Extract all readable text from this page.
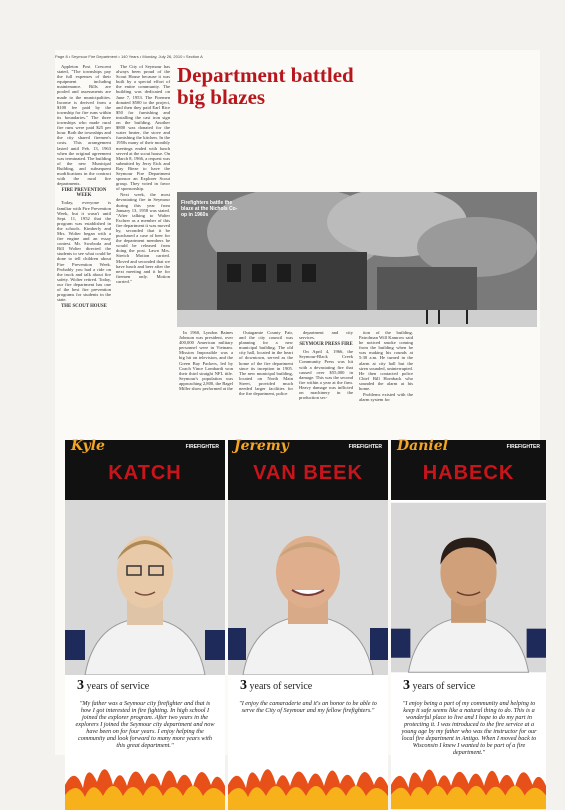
Page 8 • Seymour Fire Department • 140 Years • Monday, July 26, 2010 • Section A

Appleton Post Crescent stated, "The townships pay the full expenses of their equipment including maintenance. Bills are pooled and assessments are made to the municipalities. Income is derived from a $100 fee paid by the township for fire runs within its boundaries." The three townships who made rural fire runs were paid $25 per hour. Both the townships and the city shared firemen's costs. This arrangement lasted until Feb. 13, 1963 when the original agreement was terminated. The building of the new Municipal Building, and subsequent modifications in the contract with the rural fire departments.

FIRE PREVENTION WEEK

Today, everyone is familiar with Fire Prevention Week, but it wasn't until Sept. 11, 1952 that the program was established in the schools. Kimberly and Mrs. Wolter began with a fire engine and an essay contest. Mr. Swoboda and Bill Wolter directed the students to see what could be done to tell children about Fire Prevention Week. Probably you had a ride on the truck and talk about fire safety. Wolter retired. Today, our fire department has one of the best fire prevention programs for students in the state.

THE SCOUT HOUSE

The City of Seymour has always been proud of the Scout House because it was built by a special effort of the entire community. The building was dedicated on June 7, 1953. The Firemen donated $500 to the project, and then they paid Earl Rice $50 for furnishing and installing the cast iron sign on the building. Another $800 was donated for the water heater, the stove and furnishing the kitchen. In the 1950s many of their monthly meetings ended with lunch served at the scout house. On March 8, 1966, a request was submitted by Jerry Eick and Ray Bieze to have the Seymour Fire Department sponsor an Explorer Scout group. They voted in favor of sponsorship.

Next week, the most devastating fire in Seymour during this year from January 13, 1958 was stated. "After talking to Walter Eschrer as a member of this fire department it was moved by, seconded that it be purchased a case of beer for the department members he would be released from doing the post. Lawn Mrs. Streich Motion carried. Moved and seconded that we have lunch and beer after the next meeting and it be for firemen only. Motion carried."

Department battled
big blazes
Firefighters battle the blaze at the Nichols Co-op in 1960s

In 1960, Lyndon Baines Johnson was president, over 400,000 American military personnel were in Vietnam. Mission Impossible was a big hit on television, and the Green Bay Packers, led by Coach Vince Lombardi won their third straight NFL title. Seymour's population was approaching 2,800, the Bagel Miller show performed at the

Outagamie County Fair, and the city council was planning for a new municipal building. The old city hall, located in the heart of downtown, served as the home of the fire department since its inception in 1905. The new municipal building, located on North Main Street, provided much needed larger facilities for the fire department, police

department and city services.

SEYMOUR PRESS FIRE

On April 4, 1966, the Seymour-Black Creek Community Press was hit with a devastating fire that caused over $55,000 in damage. This was the second fire within a year at the firm. Heavy damage was inflicted on machinery in the production sec-

tion of the building. Patrolman Will Kamrow said he noticed smoke coming from the building when he was making his rounds at 5:30 a.m. He turned in the alarm at city hall but the siren sounded, uninterrupted. He then contacted police Chief Bill Hornback who sounded the alarm at his home.

Problems existed with the alarm system for

Kyle	FIREFIGHTER
KATCH
3 years of service
"My father was a Seymour city firefighter and that is how I got interested in fire fighting. In high school I joined the explorer program. After two years in the explorers I joined the Seymour city department and now have been on for four years. I enjoy helping the community and look forward to many more years with this great department."
Jeremy	FIREFIGHTER
VAN BEEK
3 years of service
"I enjoy the camaraderie and it's an honor to be able to serve the City of Seymour and my fellow firefighters."
Daniel	FIREFIGHTER
HABECK
3 years of service
"I enjoy being a part of my community and helping to keep it safe seems like a natural thing to do. This is a wonderful place to live and I hope to do my part in protecting it. I was introduced to the fire service at a young age by my father who was the instructor for our local fire department in Antigo. When I moved back to Wisconsin I knew I wanted to be part of a fire department."
